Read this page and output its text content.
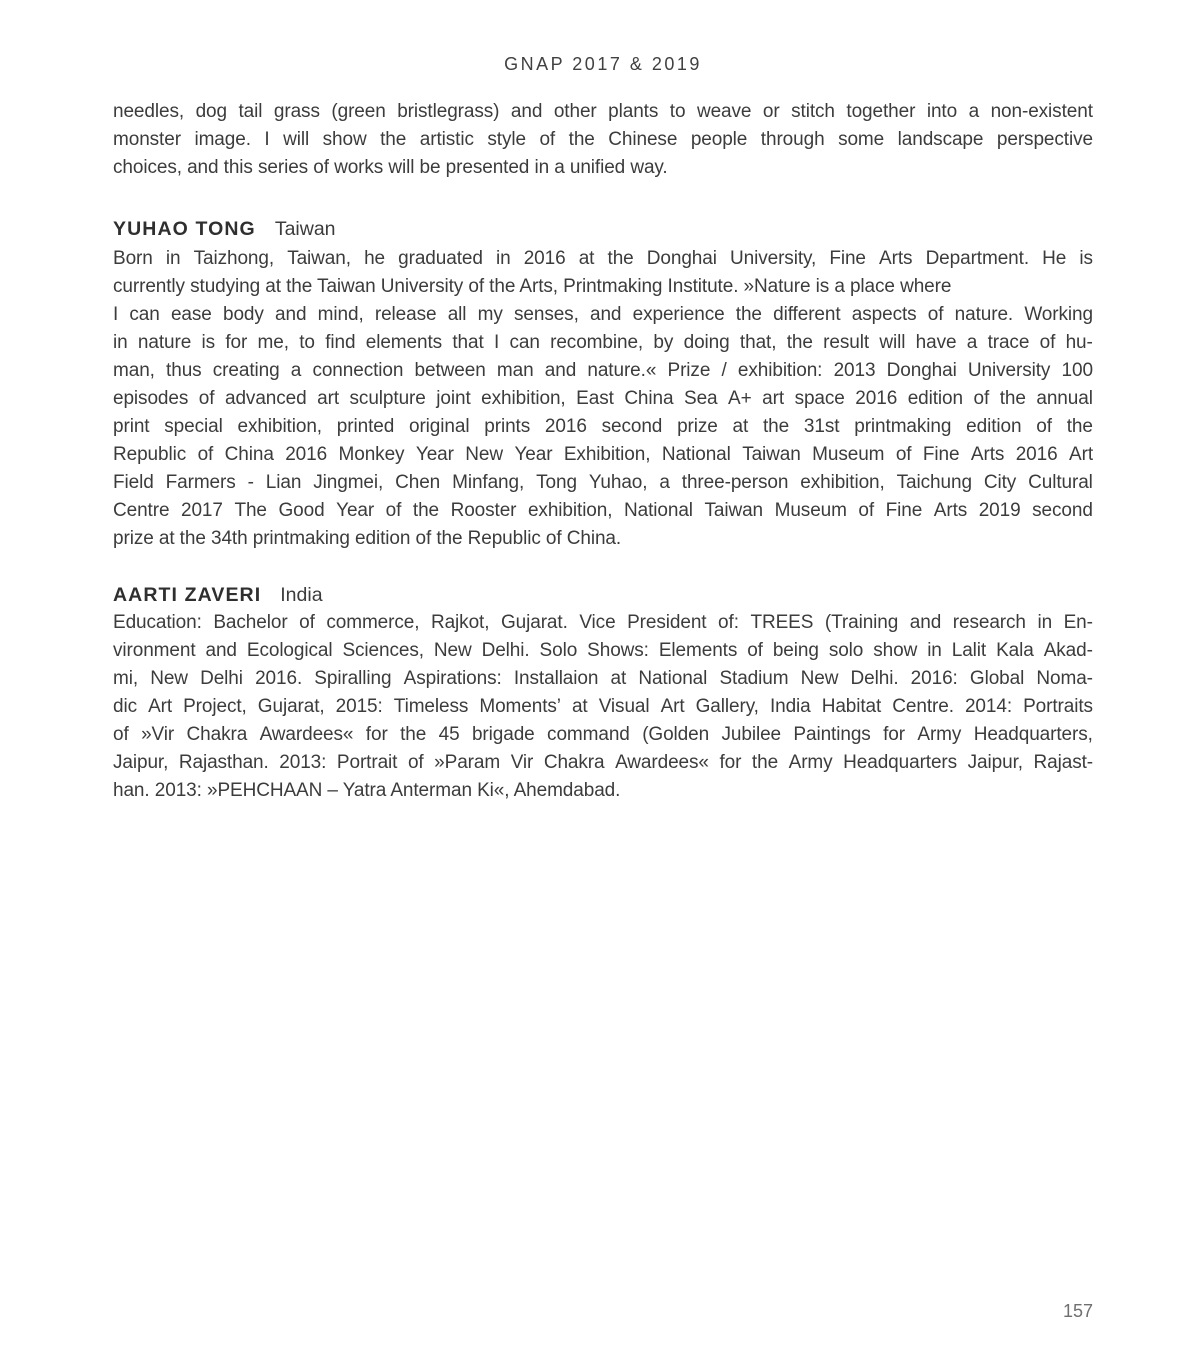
GNAP 2017 & 2019
needles, dog tail grass (green bristlegrass) and other plants to weave or stitch together into a non-existent
monster image. I will show the artistic style of the Chinese people through some landscape perspective
choices, and this series of works will be presented in a unified way.
YUHAO TONG Taiwan
Born in Taizhong, Taiwan, he graduated in 2016 at the Donghai University, Fine Arts Department. He is
currently studying at the Taiwan University of the Arts, Printmaking Institute. »Nature is a place where
I can ease body and mind, release all my senses, and experience the different aspects of nature. Working
in nature is for me, to find elements that I can recombine, by doing that, the result will have a trace of hu-
man, thus creating a connection between man and nature.« Prize / exhibition: 2013 Donghai University 100
episodes of advanced art sculpture joint exhibition, East China Sea A+ art space 2016 edition of the annual
print special exhibition, printed original prints 2016 second prize at the 31st printmaking edition of the
Republic of China 2016 Monkey Year New Year Exhibition, National Taiwan Museum of Fine Arts 2016 Art
Field Farmers - Lian Jingmei, Chen Minfang, Tong Yuhao, a three-person exhibition, Taichung City Cultural
Centre 2017 The Good Year of the Rooster exhibition, National Taiwan Museum of Fine Arts 2019 second
prize at the 34th printmaking edition of the Republic of China.
AARTI ZAVERI India
Education: Bachelor of commerce, Rajkot, Gujarat. Vice President of: TREES (Training and research in En-
vironment and Ecological Sciences, New Delhi. Solo Shows: Elements of being solo show in Lalit Kala Akad-
mi, New Delhi 2016. Spiralling Aspirations: Installaion at National Stadium New Delhi. 2016: Global Noma-
dic Art Project, Gujarat, 2015: Timeless Moments’ at Visual Art Gallery, India Habitat Centre. 2014: Portraits
of »Vir Chakra Awardees« for the 45 brigade command (Golden Jubilee Paintings for Army Headquarters,
Jaipur, Rajasthan. 2013: Portrait of »Param Vir Chakra Awardees« for the Army Headquarters Jaipur, Rajast-
han. 2013: »PEHCHAAN – Yatra Anterman Ki«, Ahemdabad.
157
